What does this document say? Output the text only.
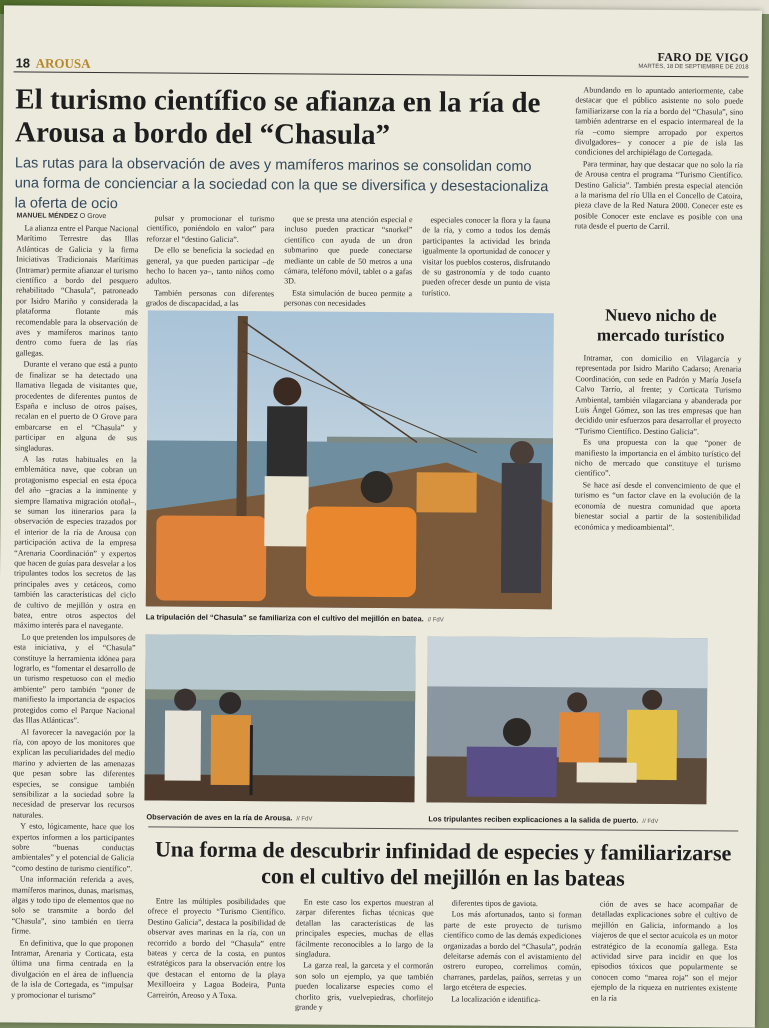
18 AROUSA	FARO DE VIGO
MARTES, 18 DE SEPTIEMBRE DE 2018
El turismo científico se afianza en la ría de Arousa a bordo del “Chasula”

Las rutas para la observación de aves y mamíferos marinos se consolidan como una forma de concienciar a la sociedad con la que se diversifica y desestacionaliza la oferta de ocio

MANUEL MÉNDEZ O Grove

La alianza entre el Parque Nacional Marítimo Terrestre das Illas Atlánticas de Galicia y la firma Iniciativas Tradicionais Marítimas (Intramar) permite afianzar el turismo científico a bordo del pesquero rehabilitado “Chasula”, patroneado por Isidro Mariño y considerada la plataforma flotante más recomendable para la observación de aves y mamíferos marinos tanto dentro como fuera de las rías gallegas.

Durante el verano que está a punto de finalizar se ha detectado una llamativa llegada de visitantes que, procedentes de diferentes puntos de España e incluso de otros países, recalan en el puerto de O Grove para embarcarse en el “Chasula” y participar en alguna de sus singladuras.

A las rutas habituales en la emblemática nave, que cobran un protagonismo especial en esta época del año –gracias a la inminente y siempre llamativa migración otoñal–, se suman los itinerarios para la observación de especies trazados por el interior de la ría de Arousa con participación activa de la empresa “Arenaria Coordinación” y expertos que hacen de guías para desvelar a los tripulantes todos los secretos de las principales aves y cetáceos, como también las características del ciclo de cultivo de mejillón y ostra en batea, entre otros aspectos del máximo interés para el navegante.

Lo que pretenden los impulsores de esta iniciativa, y el “Chasula” constituye la herramienta idónea para lograrlo, es “fomentar el desarrollo de un turismo respetuoso con el medio ambiente” pero también “poner de manifiesto la importancia de espacios protegidos como el Parque Nacional das Illas Atlánticas”.

Al favorecer la navegación por la ría, con apoyo de los monitores que explican las peculiaridades del medio marino y advierten de las amenazas que pesan sobre las diferentes especies, se consigue también sensibilizar a la sociedad sobre la necesidad de preservar los recursos naturales.

Y esto, lógicamente, hace que los expertos informen a los participantes sobre “buenas conductas ambientales” y el potencial de Galicia “como destino de turismo científico”.

Una información referida a aves, mamíferos marinos, dunas, marismas, algas y todo tipo de elementos que no solo se transmite a bordo del “Chasula”, sino también en tierra firme.

En definitiva, que lo que proponen Intramar, Arenaria y Corticata, esta última una firma centrada en la divulgación en el área de influencia de la isla de Cortegada, es “impulsar y promocionar el turismo”

pulsar y promocionar el turismo científico, poniéndolo en valor” para reforzar el “destino Galicia”.

De ello se beneficia la sociedad en general, ya que pueden participar –de hecho lo hacen ya–, tanto niños como adultos.

También personas con diferentes grados de discapacidad, a las

que se presta una atención especial e incluso pueden practicar “snorkel” científico con ayuda de un dron submarino que puede conectarse mediante un cable de 50 metros a una cámara, teléfono móvil, tablet o a gafas 3D.

Esta simulación de buceo permite a personas con necesidades

especiales conocer la flora y la fauna de la ría, y como a todos los demás participantes la actividad les brinda igualmente la oportunidad de conocer y visitar los pueblos costeros, disfrutando de su gastronomía y de todo cuanto pueden ofrecer desde un punto de vista turístico.

Abundando en lo apuntado anteriormente, cabe destacar que el público asistente no solo puede familiarizarse con la ría a bordo del “Chasula”, sino también adentrarse en el espacio intermareal de la ría –como siempre arropado por expertos divulgadores– y conocer a pie de isla las condiciones del archipiélago de Cortegada.

Para terminar, hay que destacar que no solo la ría de Arousa centra el programa “Turismo Científico. Destino Galicia”. También presta especial atención a la marisma del río Ulla en el Concello de Catoira, pieza clave de la Red Natura 2000. Conecer este es posible Conocer este enclave es posible con una ruta desde el puerto de Carril.

Nuevo nicho de mercado turístico

Intramar, con domicilio en Vilagarcía y representada por Isidro Mariño Cadarso; Arenaria Coordinación, con sede en Padrón y María Josefa Calvo Tarrío, al frente; y Corticata Turismo Ambiental, también vilagarciana y abanderada por Luis Ángel Gómez, son las tres empresas que han decidido unir esfuerzos para desarrollar el proyecto “Turismo Científico. Destino Galicia”.

Es una propuesta con la que “poner de manifiesto la importancia en el ámbito turístico del nicho de mercado que constituye el turismo científico”.

Se hace así desde el convencimiento de que el turismo es “un factor clave en la evolución de la economía de nuestra comunidad que aporta bienestar social a partir de la sostenibilidad económica y medioambiental”.

La tripulación del “Chasula” se familiariza con el cultivo del mejillón en batea. // FdV
Observación de aves en la ría de Arousa. // FdV	Los tripulantes reciben explicaciones a la salida de puerto. // FdV
Una forma de descubrir infinidad de especies y familiarizarse con el cultivo del mejillón en las bateas

Entre las múltiples posibilidades que ofrece el proyecto “Turismo Científico. Destino Galicia”, destaca la posibilidad de observar aves marinas en la ría, con un recorrido a bordo del “Chasula” entre bateas y cerca de la costa, en puntos estratégicos para la observación entre los que destacan el entorno de la playa Mexilloeira y Lagoa Bodeira, Punta Carreirón, Areoso y A Toxa.

En este caso los expertos muestran al zarpar diferentes fichas técnicas que detallan las características de las principales especies, muchas de ellas fácilmente reconocibles a lo largo de la singladura.

La garza real, la garceta y el cormorán son solo un ejemplo, ya que también pueden localizarse especies como el chorlito gris, vuelvepiedras, chorlitejo grande y

diferentes tipos de gaviota.

Los más afortunados, tanto si forman parte de este proyecto de turismo científico como de las demás expediciones organizadas a bordo del “Chasula”, podrán deleitarse además con el avistamiento del ostrero europeo, correlimos común, charranes, pardelas, paíños, serretas y un largo etcétera de especies.

La localización e identifica-

ción de aves se hace acompañar de detalladas explicaciones sobre el cultivo de mejillón en Galicia, informando a los viajeros de que el sector acuícola es un motor estratégico de la economía gallega. Esta actividad sirve para incidir en que los episodios tóxicos que popularmente se conocen como “marea roja” son el mejor ejemplo de la riqueza en nutrientes existente en la ría
